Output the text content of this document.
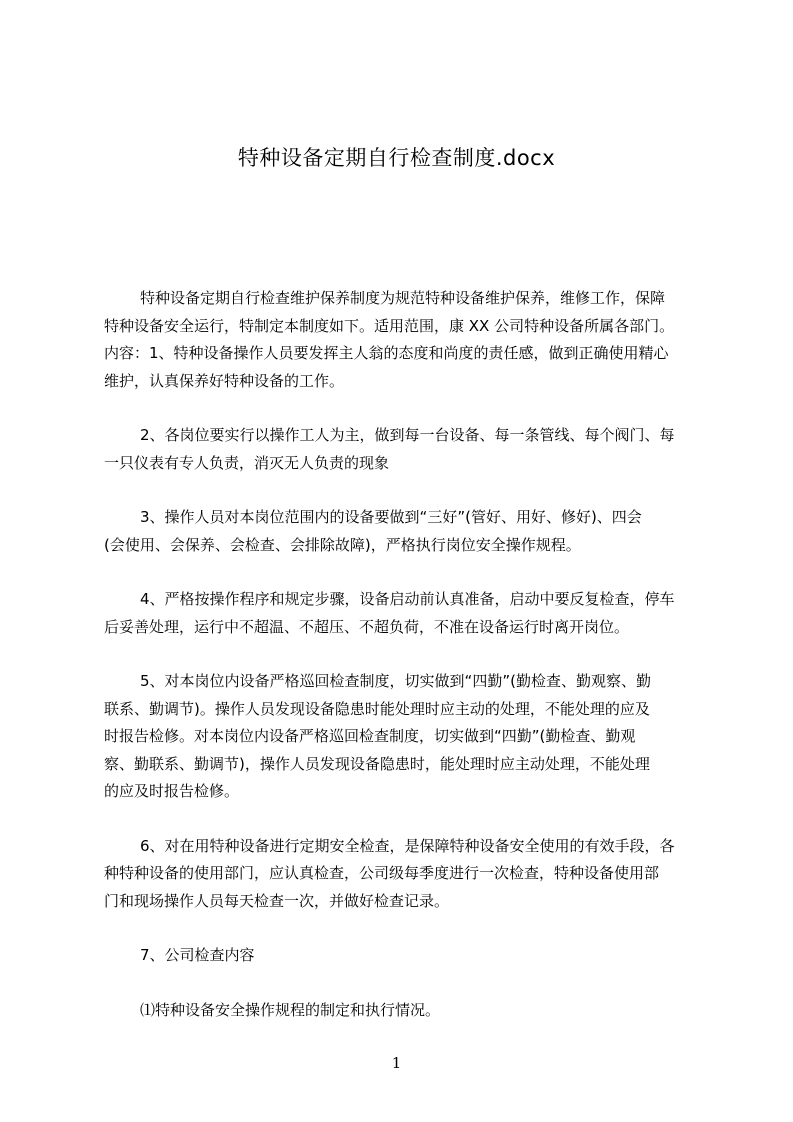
特种设备定期自行检查制度.docx
特种设备定期自行检查维护保养制度为规范特种设备维护保养，维修工作，保障
特种设备安全运行，特制定本制度如下。适用范围，康 XX 公司特种设备所属各部门。
内容：1、特种设备操作人员要发挥主人翁的态度和尚度的责任感，做到正确使用精心
维护，认真保养好特种设备的工作。
2、各岗位要实行以操作工人为主，做到每一台设备、每一条管线、每个阀门、每
一只仪表有专人负责，消灭无人负责的现象
3、操作人员对本岗位范围内的设备要做到“三好”(管好、用好、修好)、四会
(会使用、会保养、会检查、会排除故障)，严格执行岗位安全操作规程。
4、严格按操作程序和规定步骤，设备启动前认真准备，启动中要反复检查，停车
后妥善处理，运行中不超温、不超压、不超负荷，不准在设备运行时离开岗位。
5、对本岗位内设备严格巡回检查制度，切实做到“四勤”(勤检查、勤观察、勤
联系、勤调节)。操作人员发现设备隐患时能处理时应主动的处理，不能处理的应及
时报告检修。对本岗位内设备严格巡回检查制度，切实做到“四勤”(勤检查、勤观
察、勤联系、勤调节)，操作人员发现设备隐患时，能处理时应主动处理，不能处理
的应及时报告检修。
6、对在用特种设备进行定期安全检查，是保障特种设备安全使用的有效手段，各
种特种设备的使用部门，应认真检查，公司级每季度进行一次检查，特种设备使用部
门和现场操作人员每天检查一次，并做好检查记录。
7、公司检查内容
⑴特种设备安全操作规程的制定和执行情况。
1
